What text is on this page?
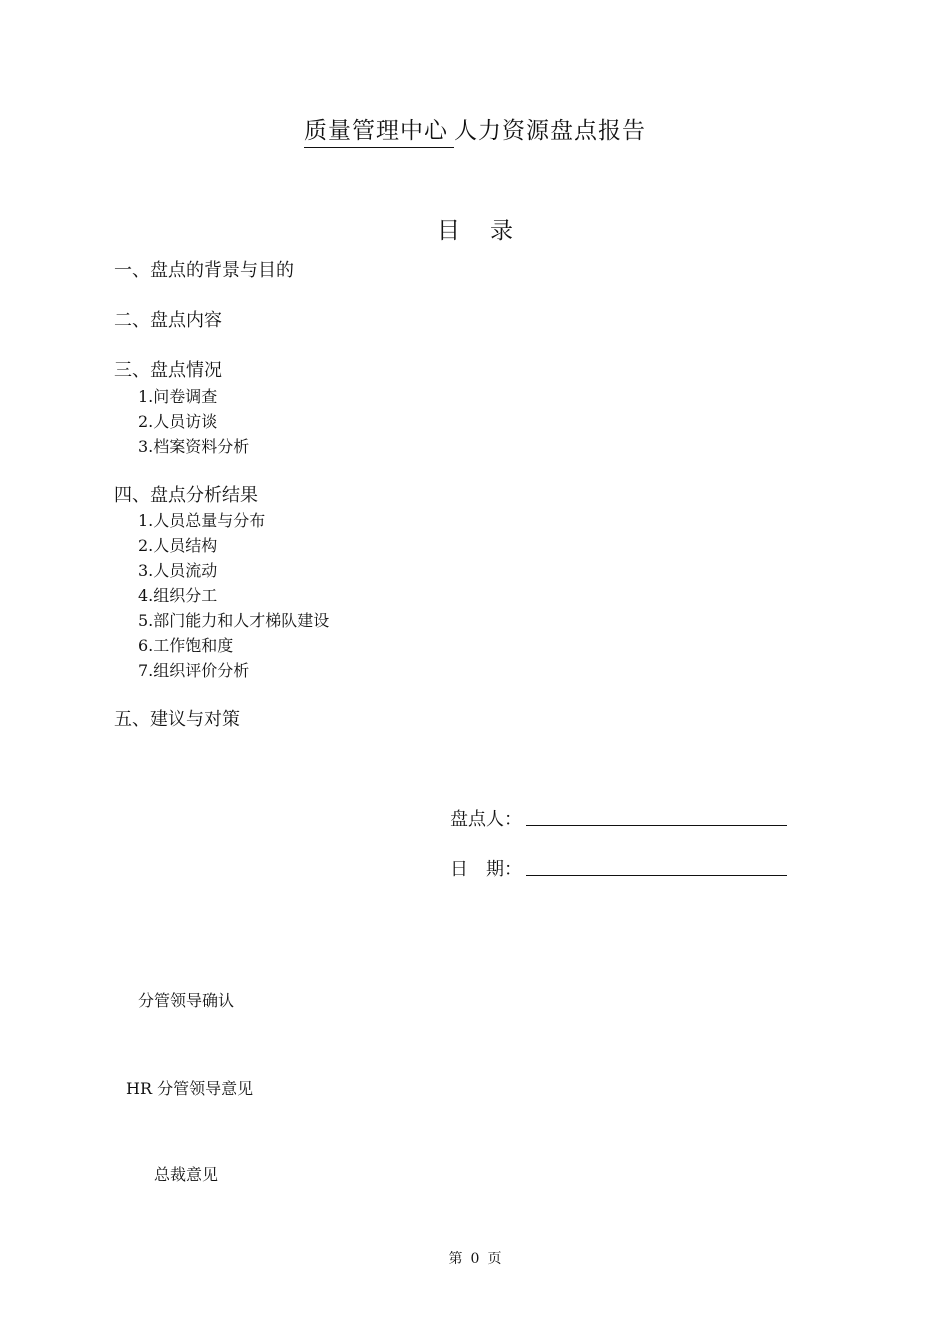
质量管理中心 人力资源盘点报告
目 录
一、盘点的背景与目的
二、盘点内容
三、盘点情况
1.问卷调查
2.人员访谈
3.档案资料分析
四、盘点分析结果
1.人员总量与分布
2.人员结构
3.人员流动
4.组织分工
5.部门能力和人才梯队建设
6.工作饱和度
7.组织评价分析
五、建议与对策
盘点人：
日　期：
分管领导确认
HR 分管领导意见
总裁意见
第 0 页
